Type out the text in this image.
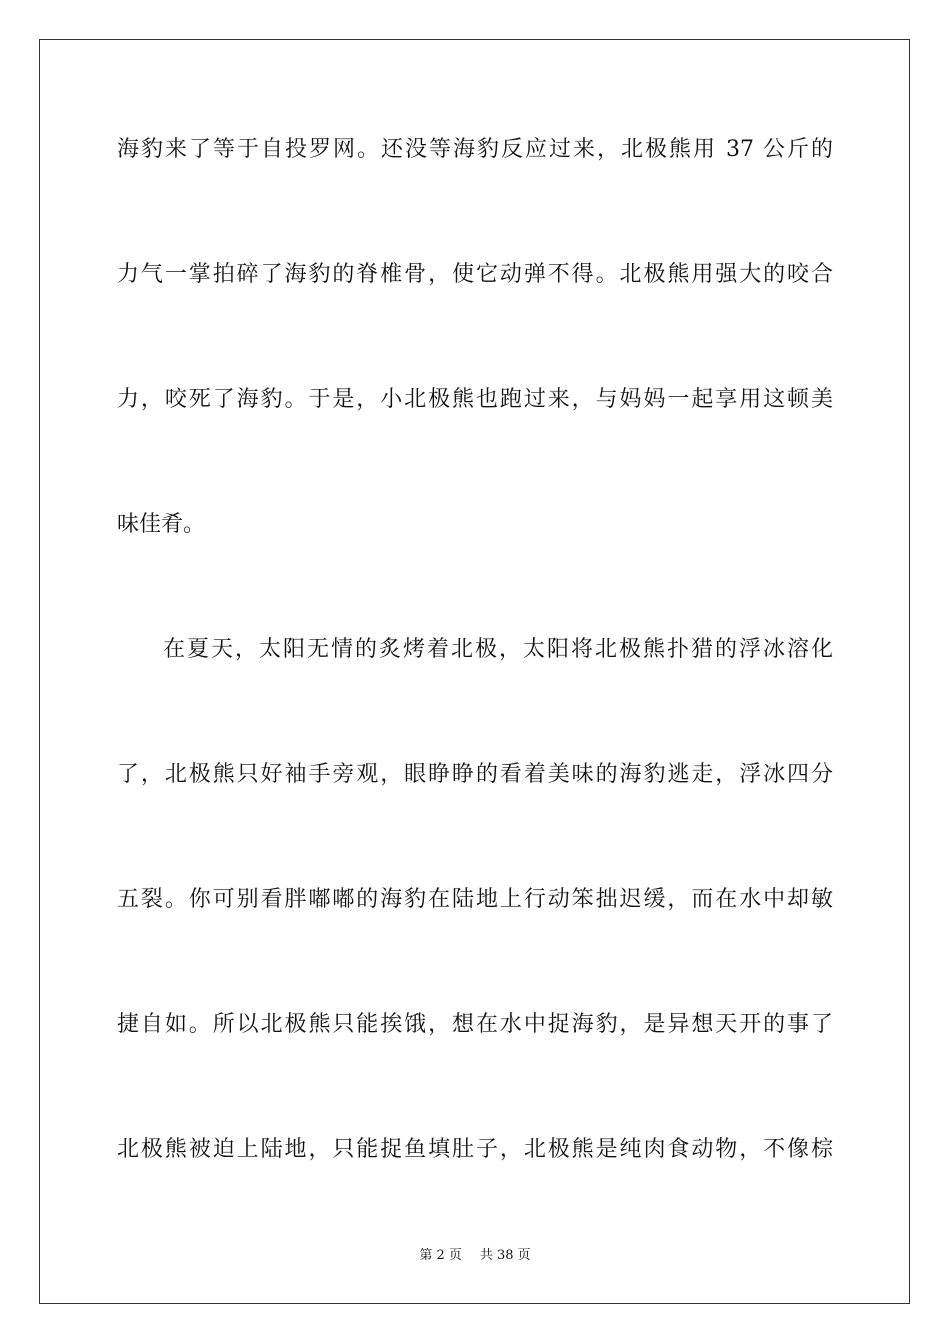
海豹来了等于自投罗网。还没等海豹反应过来，北极熊用 37 公斤的
力气一掌拍碎了海豹的脊椎骨，使它动弹不得。北极熊用强大的咬合
力，咬死了海豹。于是，小北极熊也跑过来，与妈妈一起享用这顿美
味佳肴。
在夏天，太阳无情的炙烤着北极，太阳将北极熊扑猎的浮冰溶化
了，北极熊只好袖手旁观，眼睁睁的看着美味的海豹逃走，浮冰四分
五裂。你可别看胖嘟嘟的海豹在陆地上行动笨拙迟缓，而在水中却敏
捷自如。所以北极熊只能挨饿，想在水中捉海豹，是异想天开的事了
北极熊被迫上陆地，只能捉鱼填肚子，北极熊是纯肉食动物，不像棕
第 2 页 共 38 页
